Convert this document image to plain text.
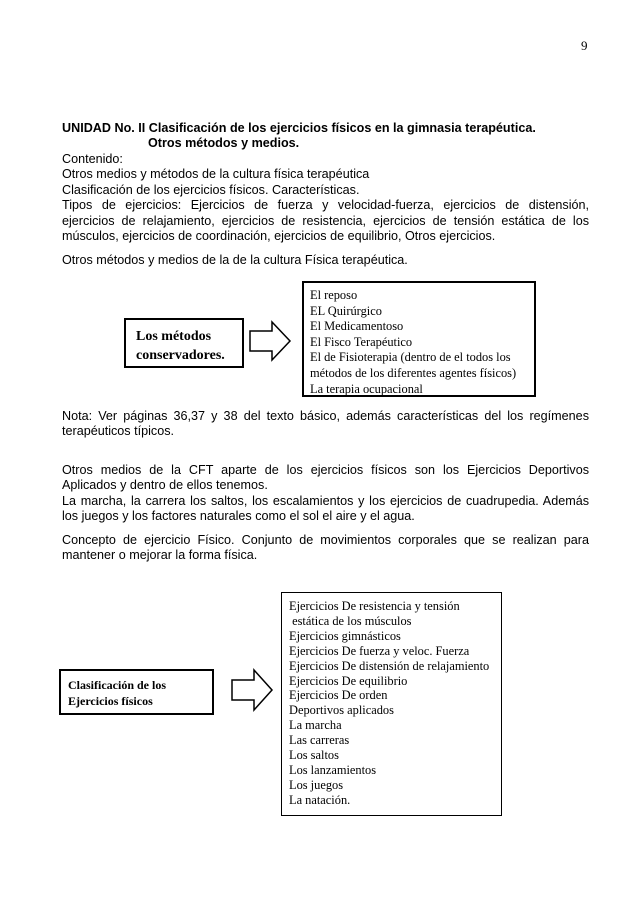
9
UNIDAD No. II Clasificación de los ejercicios físicos en la gimnasia terapéutica.
Otros métodos y medios.
Contenido:
Otros medios y métodos de la cultura física terapéutica
Clasificación de los ejercicios físicos. Características.
Tipos de ejercicios: Ejercicios de fuerza y velocidad-fuerza, ejercicios de distensión,
ejercicios de relajamiento, ejercicios de resistencia, ejercicios de tensión estática de los
músculos, ejercicios de coordinación, ejercicios de equilibrio, Otros ejercicios.
Otros métodos y medios de la de la cultura Física terapéutica.
Los métodos
conservadores.
El reposo
EL Quirúrgico
El Medicamentoso
El Fisco Terapéutico
El de Fisioterapia (dentro de el todos los
métodos de los diferentes agentes físicos)
La terapia ocupacional
Nota: Ver páginas 36,37 y 38 del texto básico, además características del los regímenes
terapéuticos típicos.
Otros medios de la CFT aparte de los ejercicios físicos son los Ejercicios Deportivos
Aplicados y dentro de ellos tenemos.
La marcha, la carrera los saltos, los escalamientos y los ejercicios de cuadrupedia. Además
los juegos y los factores naturales como el sol el aire y el agua.
Concepto de ejercicio Físico. Conjunto de movimientos corporales que se realizan para
mantener o mejorar la forma física.
Clasificación de los
Ejercicios físicos
Ejercicios De resistencia y tensión
estática de los músculos
Ejercicios gimnásticos
Ejercicios De fuerza y veloc. Fuerza
Ejercicios De distensión de relajamiento
Ejercicios De equilibrio
Ejercicios De orden
Deportivos aplicados
La marcha
Las carreras
Los saltos
Los lanzamientos
Los juegos
La natación.
